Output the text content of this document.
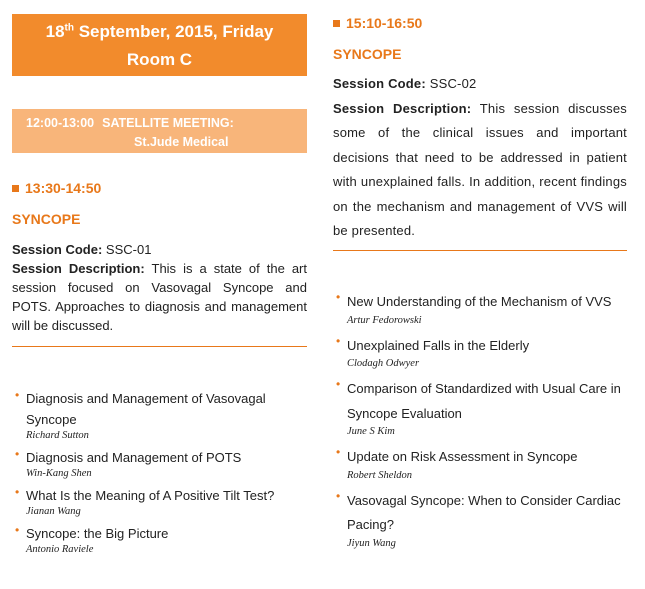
18th September, 2015, Friday
Room C
12:00-13:00 SATELLITE MEETING:
St.Jude Medical
13:30-14:50
SYNCOPE
Session Code: SSC-01
Session Description: This is a state of the art session focused on Vasovagal Syncope and POTS. Approaches to diagnosis and management will be discussed.
• Diagnosis and Management of Vasovagal Syncope
Richard Sutton
• Diagnosis and Management of POTS
Win-Kang Shen
• What Is the Meaning of A Positive Tilt Test?
Jianan Wang
• Syncope: the Big Picture
Antonio Raviele
15:10-16:50
SYNCOPE
Session Code: SSC-02
Session Description: This session discusses some of the clinical issues and important decisions that need to be addressed in patient with unexplained falls. In addition, recent findings on the mechanism and management of VVS will be presented.
• New Understanding of the Mechanism of VVS
Artur Fedorowski
• Unexplained Falls in the Elderly
Clodagh Odwyer
• Comparison of Standardized with Usual Care in Syncope Evaluation
June S Kim
• Update on Risk Assessment in Syncope
Robert Sheldon
• Vasovagal Syncope: When to Consider Cardiac Pacing?
Jiyun Wang
